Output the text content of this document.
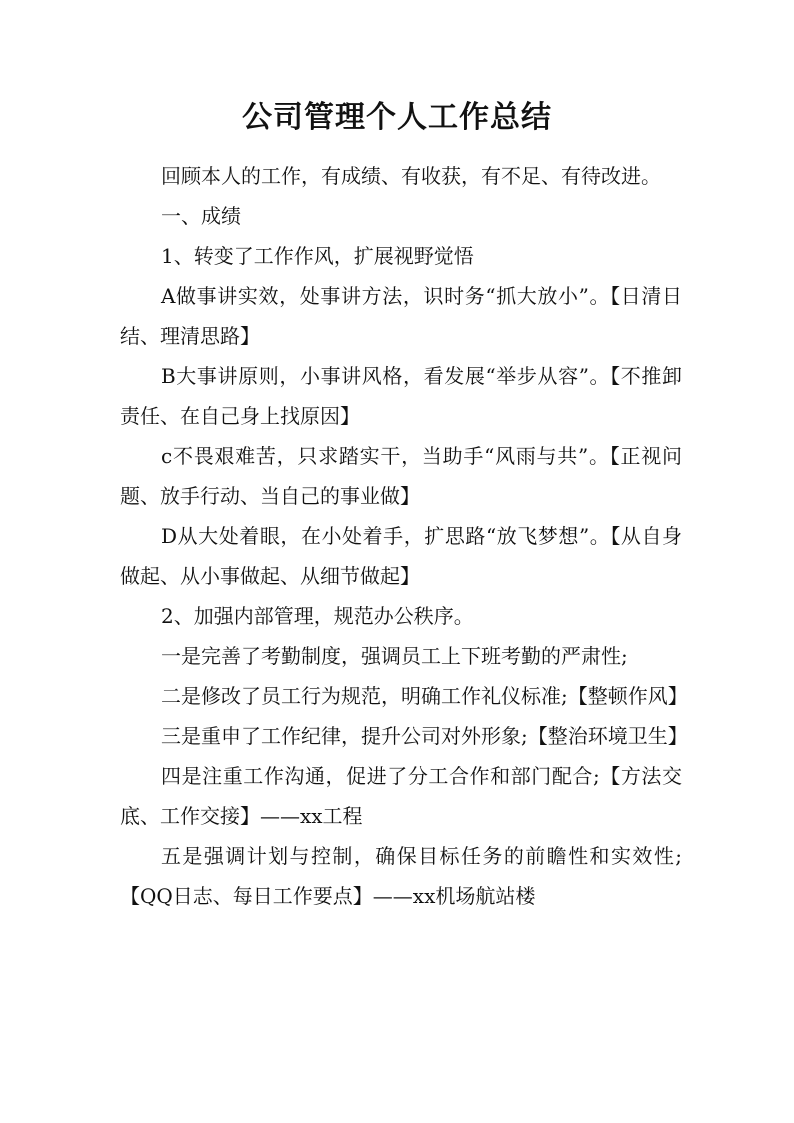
公司管理个人工作总结

回顾本人的工作，有成绩、有收获，有不足、有待改进。

一、成绩

1、转变了工作作风，扩展视野觉悟

A做事讲实效，处事讲方法，识时务“抓大放小”。【日清日结、理清思路】

B大事讲原则，小事讲风格，看发展“举步从容”。【不推卸责任、在自己身上找原因】

c不畏艰难苦，只求踏实干，当助手“风雨与共”。【正视问题、放手行动、当自己的事业做】

D从大处着眼，在小处着手，扩思路“放飞梦想”。【从自身做起、从小事做起、从细节做起】

2、加强内部管理，规范办公秩序。

一是完善了考勤制度，强调员工上下班考勤的严肃性;

二是修改了员工行为规范，明确工作礼仪标准;【整顿作风】

三是重申了工作纪律，提升公司对外形象;【整治环境卫生】

四是注重工作沟通，促进了分工合作和部门配合;【方法交底、工作交接】——xx工程

五是强调计划与控制，确保目标任务的前瞻性和实效性;【QQ日志、每日工作要点】——xx机场航站楼
